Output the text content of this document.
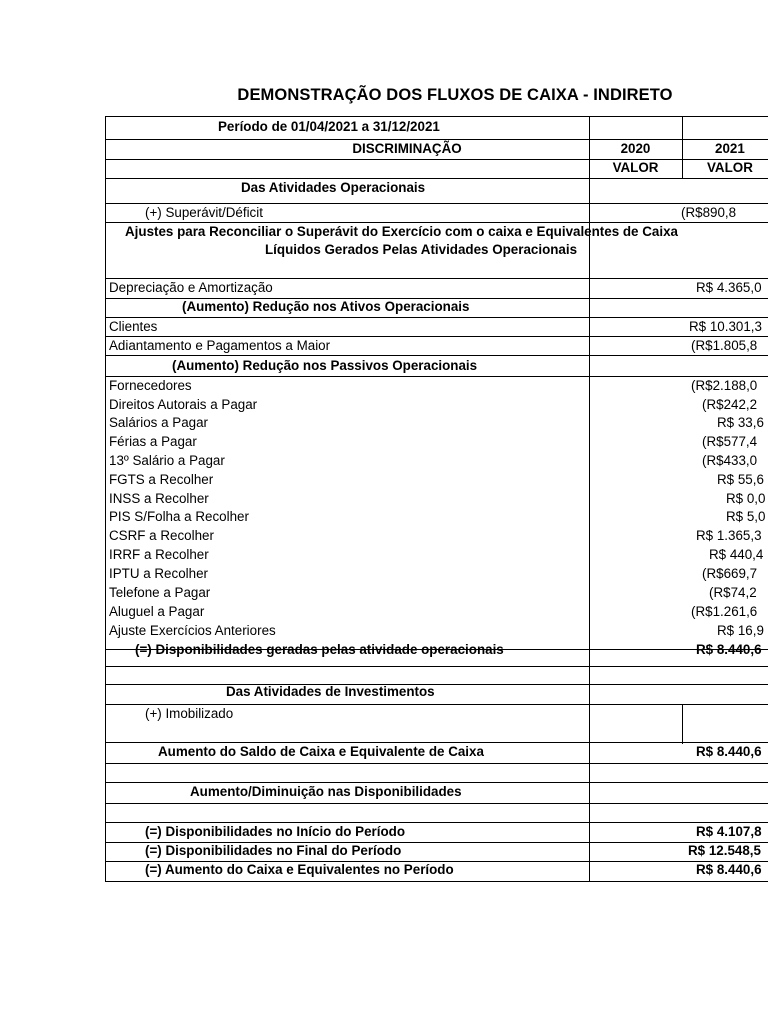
DEMONSTRAÇÃO DOS FLUXOS DE CAIXA - INDIRETO
Período de 01/04/2021 a 31/12/2021
DISCRIMINAÇÃO	2020	2021
VALOR	VALOR
Das Atividades Operacionais
(+) Superávit/Déficit	(R$890,8
Ajustes para Reconciliar o Superávit do Exercício com o caixa e Equivalentes de Caixa
Líquidos Gerados Pelas Atividades Operacionais
Depreciação e Amortização	R$ 4.365,0
(Aumento) Redução nos Ativos Operacionais
Clientes	R$ 10.301,3
Adiantamento e Pagamentos a Maior	(R$1.805,8
(Aumento) Redução nos Passivos Operacionais
Fornecedores	(R$2.188,0
Direitos Autorais a Pagar	(R$242,2
Salários a Pagar	R$ 33,6
Férias a Pagar	(R$577,4
13º Salário a Pagar	(R$433,0
FGTS a Recolher	R$ 55,6
INSS a Recolher	R$ 0,0
PIS S/Folha a Recolher	R$ 5,0
CSRF a Recolher	R$ 1.365,3
IRRF a Recolher	R$ 440,4
IPTU a Recolher	(R$669,7
Telefone a Pagar	(R$74,2
Aluguel a Pagar	(R$1.261,6
Ajuste Exercícios Anteriores	R$ 16,9
(=) Disponibilidades geradas pelas atividade operacionais	R$ 8.440,6
Das Atividades de Investimentos
(+) Imobilizado
Aumento do Saldo de Caixa e Equivalente de Caixa	R$ 8.440,6
Aumento/Diminuição nas Disponibilidades
(=) Disponibilidades no Início do Período	R$ 4.107,8
(=) Disponibilidades no Final do Período	R$ 12.548,5
(=) Aumento do Caixa e Equivalentes no Período	R$ 8.440,6
